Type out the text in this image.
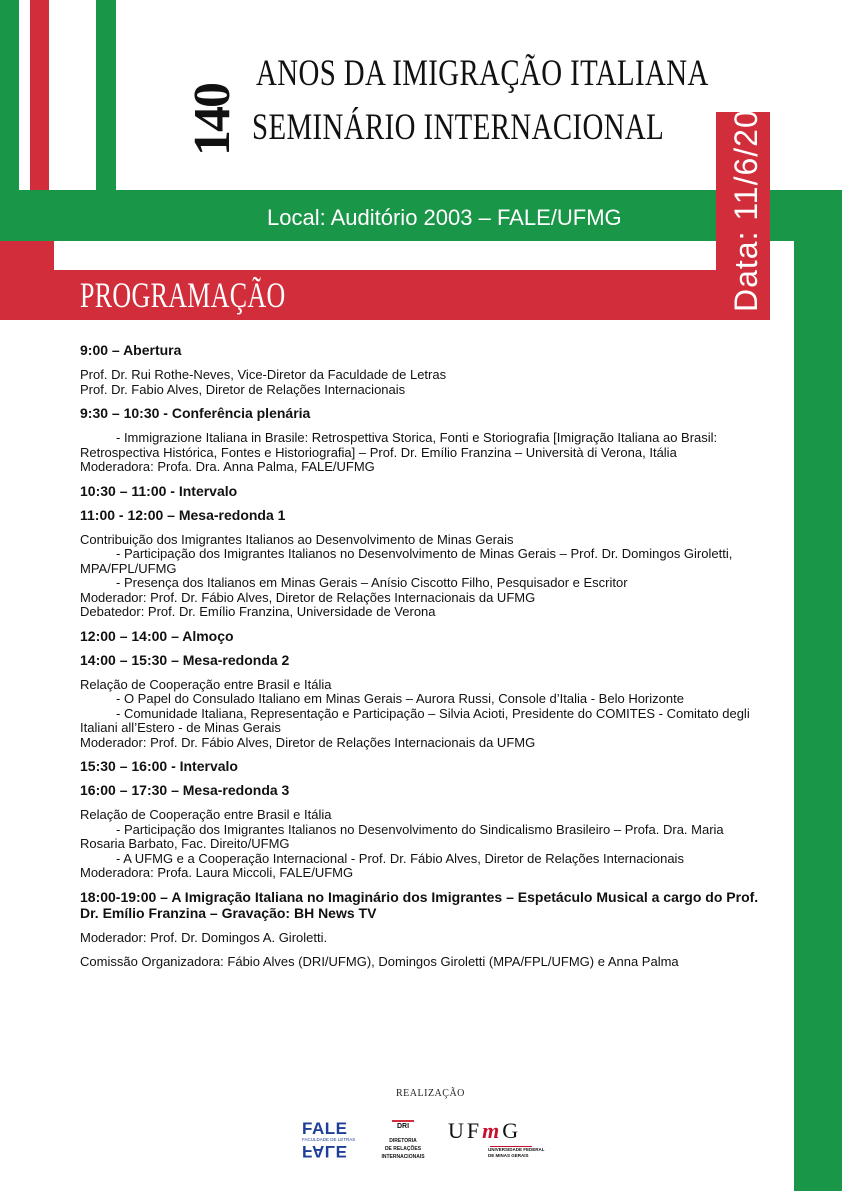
140
ANOS DA IMIGRAÇÃO ITALIANA
SEMINÁRIO INTERNACIONAL
Local: Auditório 2003 – FALE/UFMG	Data: 11/6/2015
PROGRAMAÇÃO

9:00 – Abertura

Prof. Dr. Rui Rothe-Neves, Vice-Diretor da Faculdade de Letras

Prof. Dr. Fabio Alves, Diretor de Relações Internacionais

9:30 – 10:30 - Conferência plenária

- Immigrazione Italiana in Brasile: Retrospettiva Storica, Fonti e Storiografia [Imigração Italiana ao Brasil: Retrospectiva Histórica, Fontes e Historiografia] – Prof. Dr. Emílio Franzina – Università di Verona, Itália

Moderadora: Profa. Dra. Anna Palma, FALE/UFMG

10:30 – 11:00 - Intervalo

11:00 - 12:00 – Mesa-redonda 1

Contribuição dos Imigrantes Italianos ao Desenvolvimento de Minas Gerais

- Participação dos Imigrantes Italianos no Desenvolvimento de Minas Gerais – Prof. Dr. Domingos Giroletti, MPA/FPL/UFMG

- Presença dos Italianos em Minas Gerais – Anísio Ciscotto Filho, Pesquisador e Escritor

Moderador: Prof. Dr. Fábio Alves, Diretor de Relações Internacionais da UFMG

Debatedor: Prof. Dr. Emílio Franzina, Universidade de Verona

12:00 – 14:00 – Almoço

14:00 – 15:30 – Mesa-redonda 2

Relação de Cooperação entre Brasil e Itália

- O Papel do Consulado Italiano em Minas Gerais – Aurora Russi, Console d’Italia - Belo Horizonte

- Comunidade Italiana, Representação e Participação – Silvia Acioti, Presidente do COMITES - Comitato degli Italiani all’Estero - de Minas Gerais

Moderador: Prof. Dr. Fábio Alves, Diretor de Relações Internacionais da UFMG

15:30 – 16:00 - Intervalo

16:00 – 17:30 – Mesa-redonda 3

Relação de Cooperação entre Brasil e Itália

- Participação dos Imigrantes Italianos no Desenvolvimento do Sindicalismo Brasileiro – Profa. Dra. Maria Rosaria Barbato, Fac. Direito/UFMG

- A UFMG e a Cooperação Internacional - Prof. Dr. Fábio Alves, Diretor de Relações Internacionais

Moderadora: Profa. Laura Miccoli, FALE/UFMG

18:00-19:00 – A Imigração Italiana no Imaginário dos Imigrantes – Espetáculo Musical a cargo do Prof. Dr. Emílio Franzina – Gravação: BH News TV

Moderador: Prof. Dr. Domingos A. Giroletti.

Comissão Organizadora: Fábio Alves (DRI/UFMG), Domingos Giroletti (MPA/FPL/UFMG) e Anna Palma

REALIZAÇÃO
FALE
FACULDADE DE LETRAS
FALE
DRI
DIRETORIA
DE RELAÇÕES
INTERNACIONAIS
UFmG
UNIVERSIDADE FEDERAL
DE MINAS GERAIS
